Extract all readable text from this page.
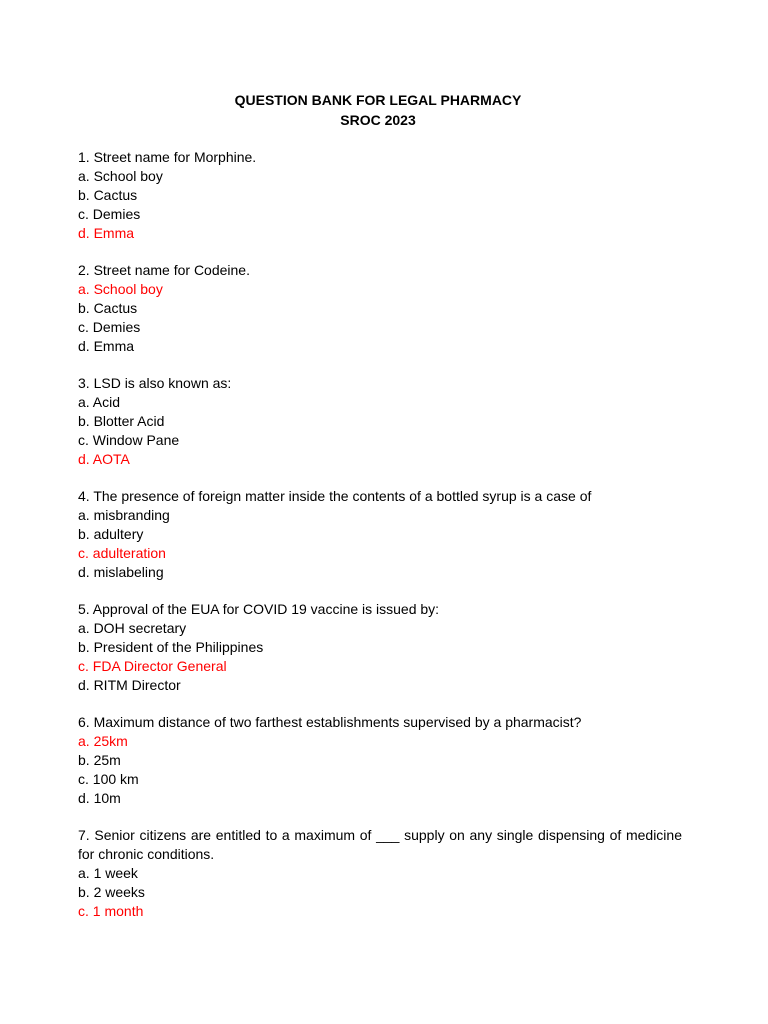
QUESTION BANK FOR LEGAL PHARMACY
SROC 2023
1. Street name for Morphine.
a. School boy
b. Cactus
c. Demies
d. Emma
2. Street name for Codeine.
a. School boy
b. Cactus
c. Demies
d. Emma
3. LSD is also known as:
a. Acid
b. Blotter Acid
c. Window Pane
d. AOTA
4. The presence of foreign matter inside the contents of a bottled syrup is a case of
a. misbranding
b. adultery
c. adulteration
d. mislabeling
5. Approval of the EUA for COVID 19 vaccine is issued by:
a. DOH secretary
b. President of the Philippines
c. FDA Director General
d. RITM Director
6. Maximum distance of two farthest establishments supervised by a pharmacist?
a. 25km
b. 25m
c. 100 km
d. 10m
7. Senior citizens are entitled to a maximum of ___ supply on any single dispensing of medicine for chronic conditions.
a. 1 week
b. 2 weeks
c. 1 month
